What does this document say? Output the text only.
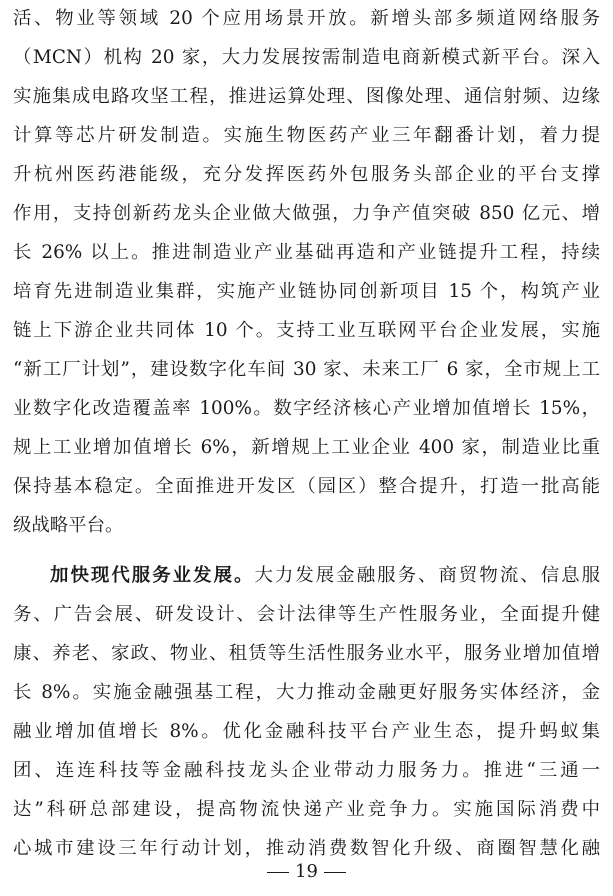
活、物业等领域 20 个应用场景开放。新增头部多频道网络服务
（MCN）机构 20 家，大力发展按需制造电商新模式新平台。深入
实施集成电路攻坚工程，推进运算处理、图像处理、通信射频、边缘
计算等芯片研发制造。实施生物医药产业三年翻番计划，着力提
升杭州医药港能级，充分发挥医药外包服务头部企业的平台支撑
作用，支持创新药龙头企业做大做强，力争产值突破 850 亿元、增
长 26% 以上。推进制造业产业基础再造和产业链提升工程，持续
培育先进制造业集群，实施产业链协同创新项目 15 个，构筑产业
链上下游企业共同体 10 个。支持工业互联网平台企业发展，实施
“新工厂计划”，建设数字化车间 30 家、未来工厂 6 家，全市规上工
业数字化改造覆盖率 100%。数字经济核心产业增加值增长 15%，
规上工业增加值增长 6%，新增规上工业企业 400 家，制造业比重
保持基本稳定。全面推进开发区（园区）整合提升，打造一批高能
级战略平台。
加快现代服务业发展。大力发展金融服务、商贸物流、信息服
务、广告会展、研发设计、会计法律等生产性服务业，全面提升健
康、养老、家政、物业、租赁等生活性服务业水平，服务业增加值增
长 8%。实施金融强基工程，大力推动金融更好服务实体经济，金
融业增加值增长 8%。优化金融科技平台产业生态，提升蚂蚁集
团、连连科技等金融科技龙头企业带动力服务力。推进“三通一
达”科研总部建设，提高物流快递产业竞争力。实施国际消费中
心城市建设三年行动计划，推动消费数智化升级、商圈智慧化融
19
